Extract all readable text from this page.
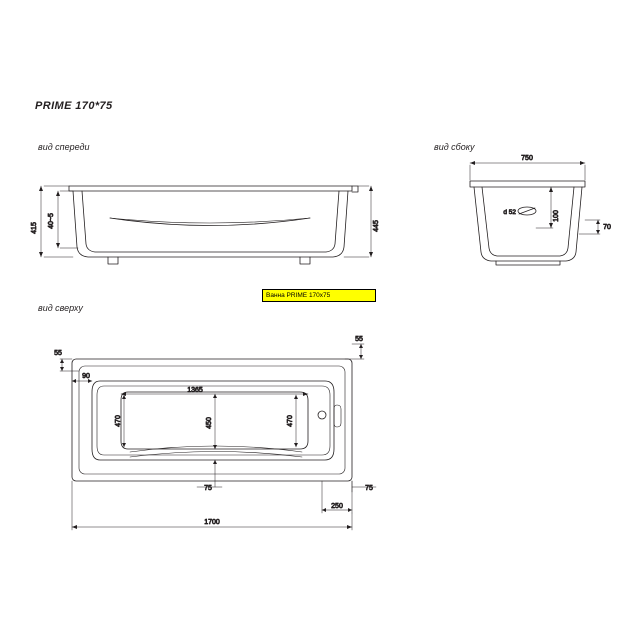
PRIME 170*75
вид спереди	вид сбоку
вид сверху
Ванна PRIME 170x75
415 40~5	445
750
d 52	100
70
55
55
90
1365
470	450	470
75	75
250
1700
